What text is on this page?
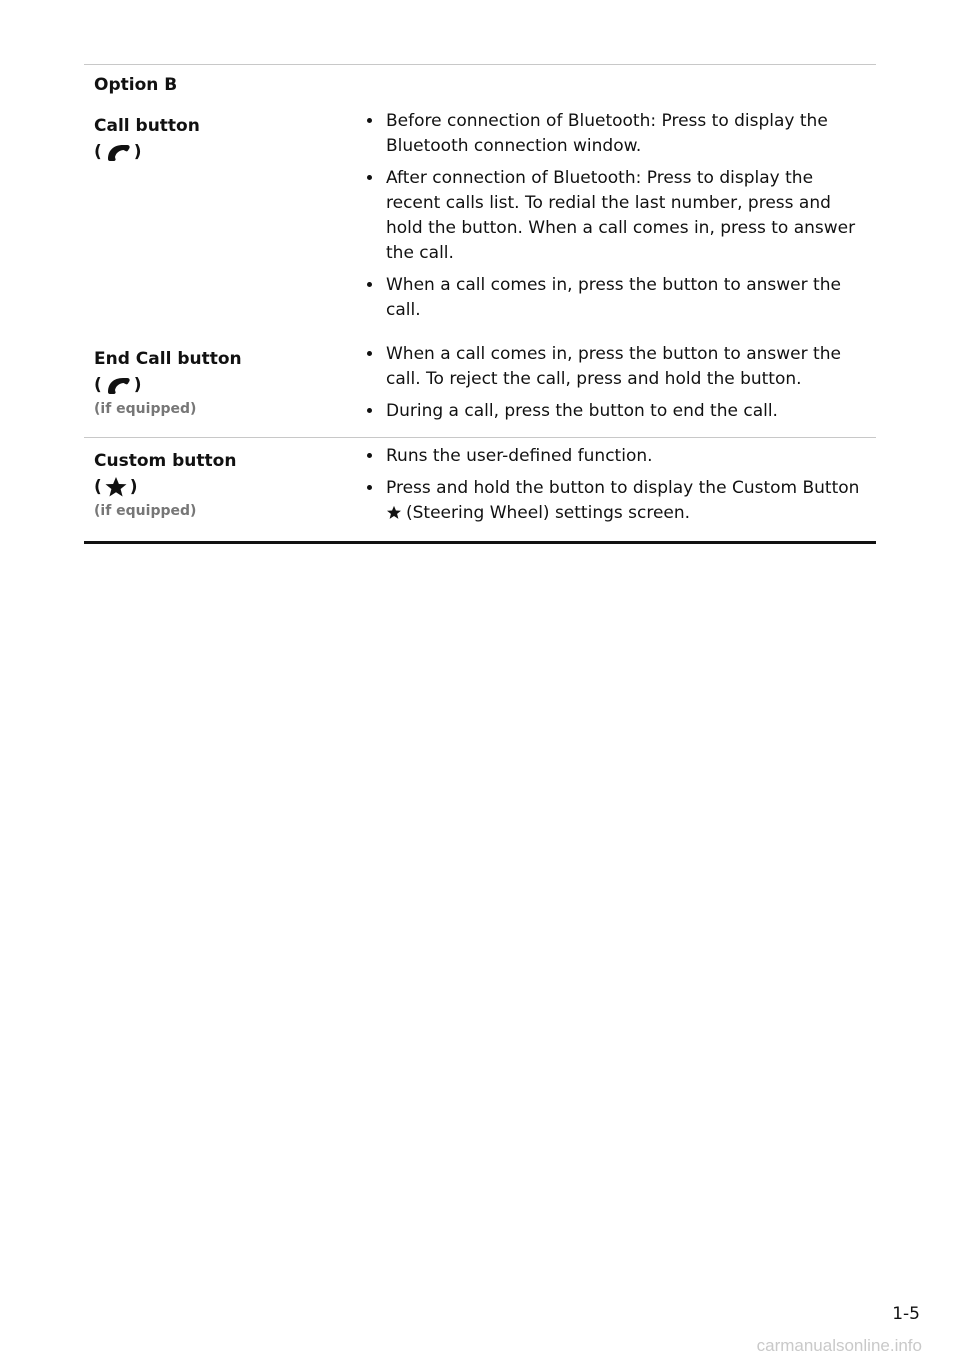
Option B
Call button
( )
Before connection of Bluetooth: Press to display the Bluetooth connection window.
After connection of Bluetooth: Press to display the recent calls list. To redial the last number, press and hold the button. When a call comes in, press to answer the call.
When a call comes in, press the button to answer the call.
End Call button
( )
(if equipped)
When a call comes in, press the button to answer the call. To reject the call, press and hold the button.
During a call, press the button to end the call.
Custom button
( )
(if equipped)
Runs the user-defined function.
Press and hold the button to display the Custom Button (Steering Wheel) settings screen.
1-5
carmanualsonline.info
